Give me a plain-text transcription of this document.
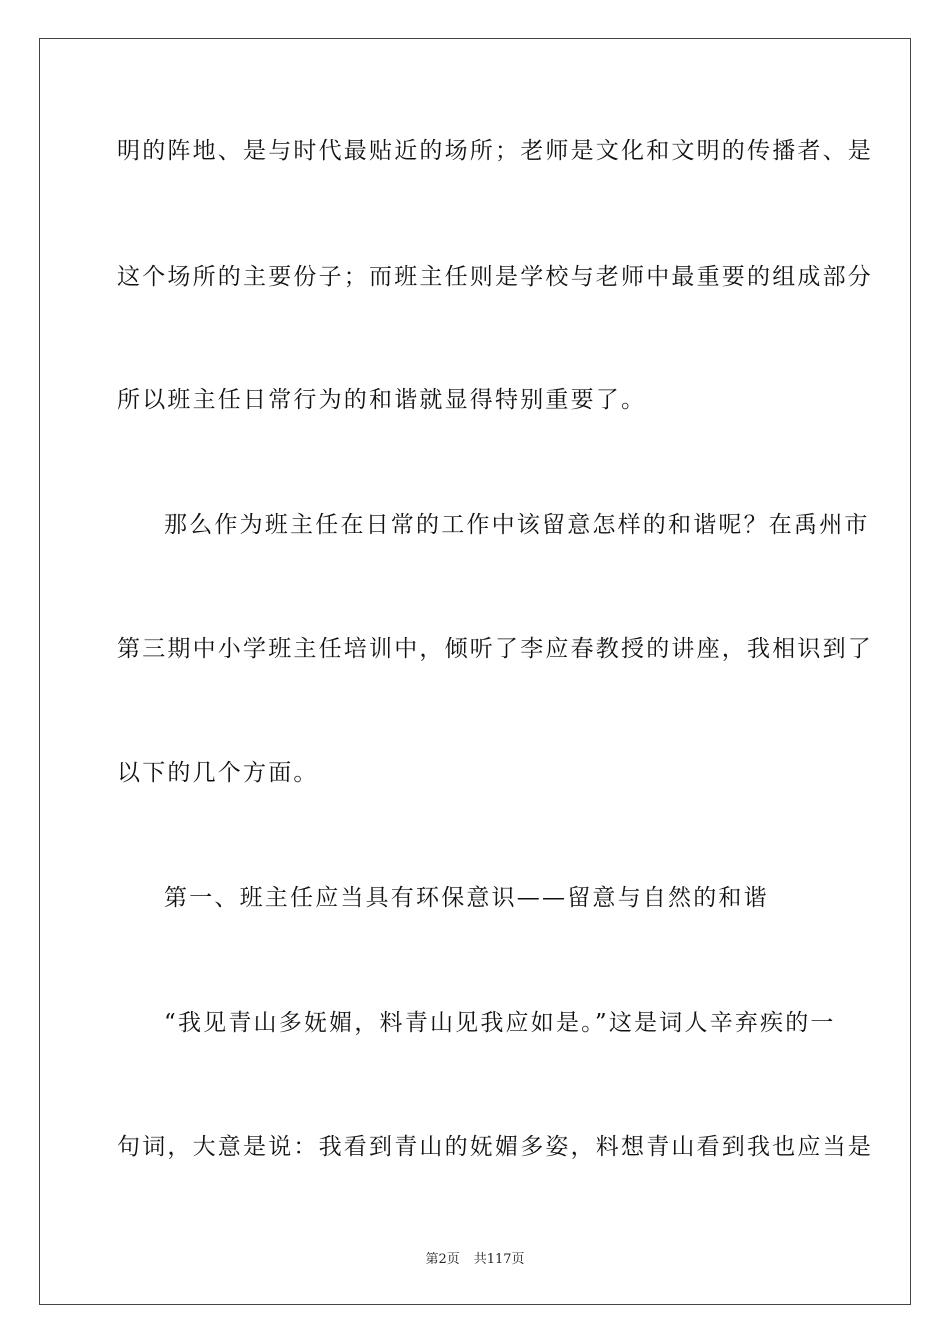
明的阵地、是与时代最贴近的场所；老师是文化和文明的传播者、是
这个场所的主要份子；而班主任则是学校与老师中最重要的组成部分
所以班主任日常行为的和谐就显得特别重要了。
那么作为班主任在日常的工作中该留意怎样的和谐呢？在禹州市
第三期中小学班主任培训中，倾听了李应春教授的讲座，我相识到了
以下的几个方面。
第一、班主任应当具有环保意识——留意与自然的和谐
“我见青山多妩媚，料青山见我应如是。”这是词人辛弃疾的一
句词，大意是说：我看到青山的妩媚多姿，料想青山看到我也应当是
第2页 共117页
